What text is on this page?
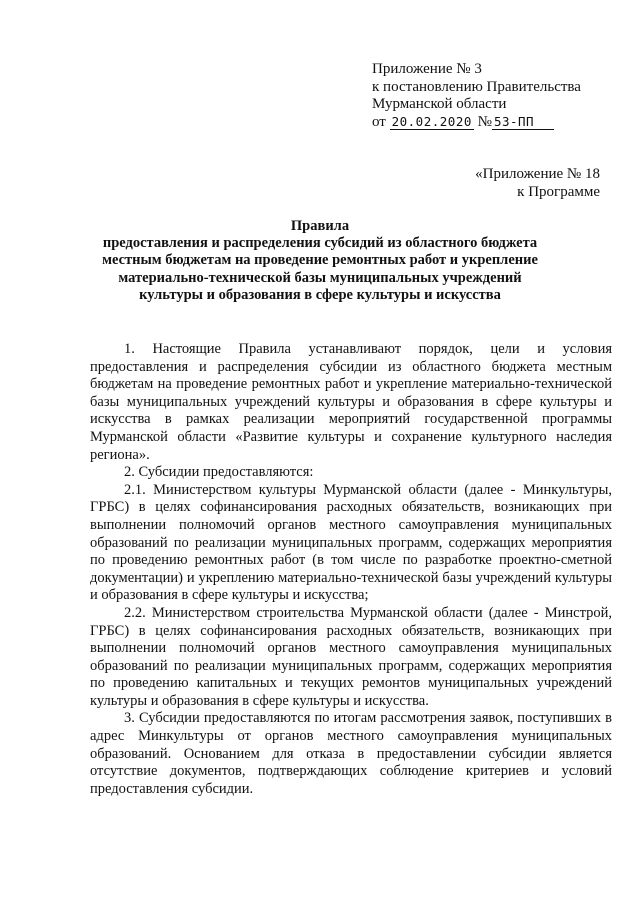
Приложение № 3
к постановлению Правительства
Мурманской области
от 20.02.2020 № 53-ПП
«Приложение № 18
к Программе
Правила
предоставления и распределения субсидий из областного бюджета местным бюджетам на проведение ремонтных работ и укрепление материально-технической базы муниципальных учреждений культуры и образования в сфере культуры и искусства

1. Настоящие Правила устанавливают порядок, цели и условия предоставления и распределения субсидии из областного бюджета местным бюджетам на проведение ремонтных работ и укрепление материально-технической базы муниципальных учреждений культуры и образования в сфере культуры и искусства в рамках реализации мероприятий государственной программы Мурманской области «Развитие культуры и сохранение культурного наследия региона».

2. Субсидии предоставляются:

2.1. Министерством культуры Мурманской области (далее - Минкультуры, ГРБС) в целях софинансирования расходных обязательств, возникающих при выполнении полномочий органов местного самоуправления муниципальных образований по реализации муниципальных программ, содержащих мероприятия по проведению ремонтных работ (в том числе по разработке проектно-сметной документации) и укреплению материально-технической базы учреждений культуры и образования в сфере культуры и искусства;

2.2. Министерством строительства Мурманской области (далее - Минстрой, ГРБС) в целях софинансирования расходных обязательств, возникающих при выполнении полномочий органов местного самоуправления муниципальных образований по реализации муниципальных программ, содержащих мероприятия по проведению капитальных и текущих ремонтов муниципальных учреждений культуры и образования в сфере культуры и искусства.

3. Субсидии предоставляются по итогам рассмотрения заявок, поступивших в адрес Минкультуры от органов местного самоуправления муниципальных образований. Основанием для отказа в предоставлении субсидии является отсутствие документов, подтверждающих соблюдение критериев и условий предоставления субсидии.
